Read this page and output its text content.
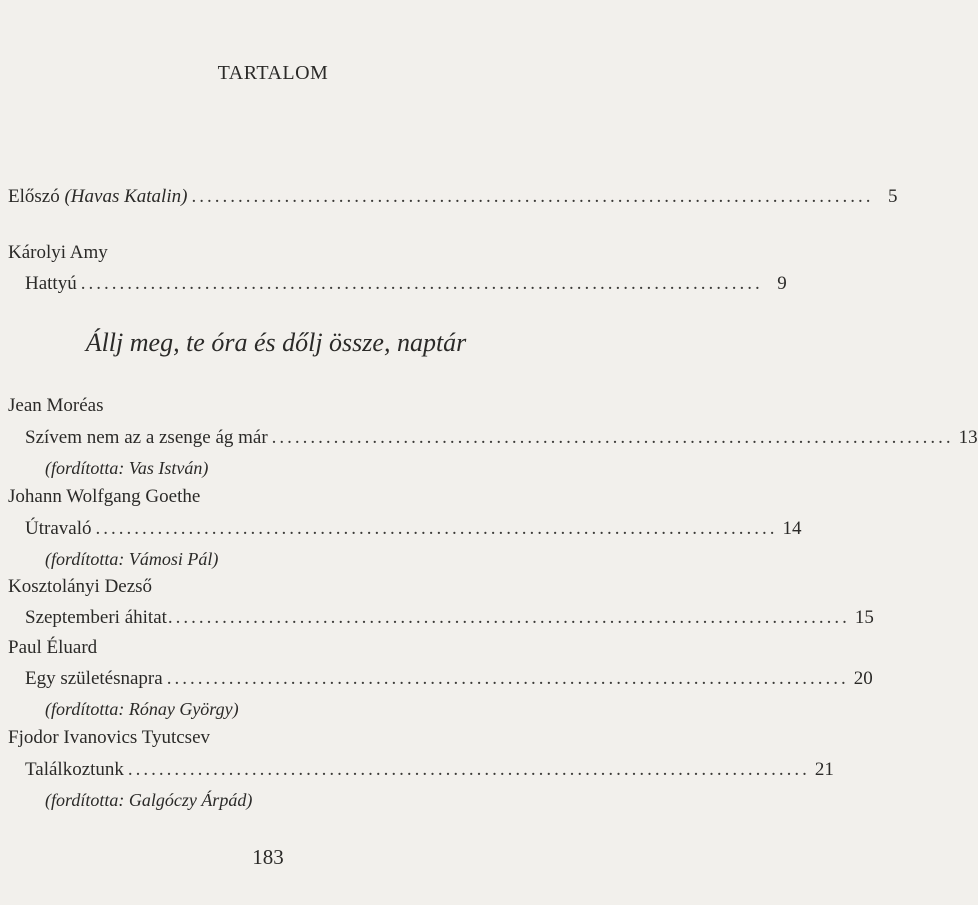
TARTALOM
Előszó (Havas Katalin) ........................................................................................ 5
Károlyi Amy
Hattyú ........................................................................................ 9
Állj meg, te óra és dőlj össze, naptár
Jean Moréas
Szívem nem az a zsenge ág már ........................................................................................ 13
(fordította: Vas István)
Johann Wolfgang Goethe
Útravaló ........................................................................................ 14
(fordította: Vámosi Pál)
Kosztolányi Dezső
Szeptemberi áhitat ........................................................................................ 15
Paul Éluard
Egy születésnapra ........................................................................................ 20
(fordította: Rónay György)
Fjodor Ivanovics Tyutcsev
Találkoztunk ........................................................................................ 21
(fordította: Galgóczy Árpád)
183
